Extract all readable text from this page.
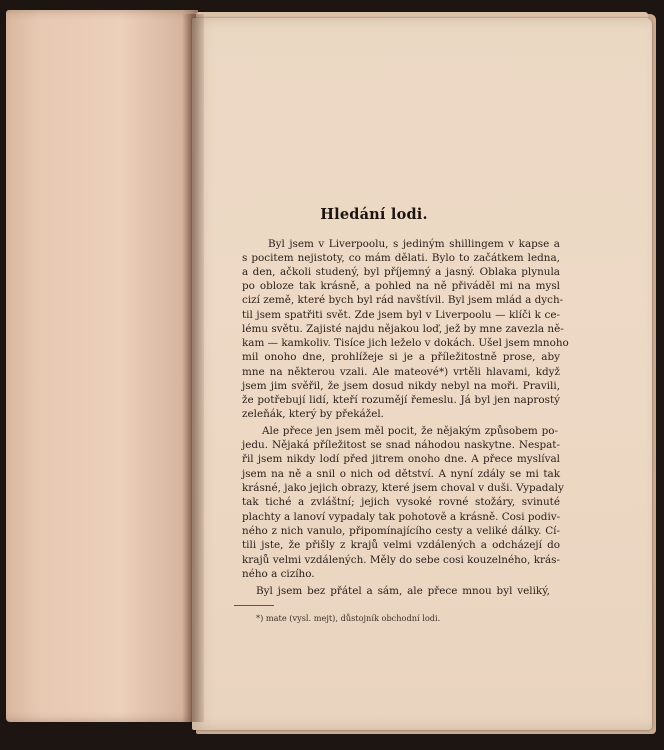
Hledání lodi.
Byl jsem v Liverpoolu, s jediným shillingem v kapse a
s pocitem nejistoty, co mám dělati. Bylo to začátkem ledna,
a den, ačkoli studený, byl příjemný a jasný. Oblaka plynula
po obloze tak krásně, a pohled na ně přiváděl mi na mysl
cizí země, které bych byl rád navštívil. Byl jsem mlád a dych-
til jsem spatřiti svět. Zde jsem byl v Liverpoolu — klíči k ce-
lému světu. Zajisté najdu nějakou loď, jež by mne zavezla ně-
kam — kamkoliv. Tisíce jich leželo v dokách. Ušel jsem mnoho
mil onoho dne, prohlížeje si je a příležitostně prose, aby
mne na některou vzali. Ale mateové*) vrtěli hlavami, když
jsem jim svěřil, že jsem dosud nikdy nebyl na moři. Pravili,
že potřebují lidí, kteří rozumějí řemeslu. Já byl jen naprostý
zeleňák, který by překážel.
Ale přece jen jsem měl pocit, že nějakým způsobem po-
jedu. Nějaká příležitost se snad náhodou naskytne. Nespat-
řil jsem nikdy lodí před jitrem onoho dne. A přece myslíval
jsem na ně a snil o nich od dětství. A nyní zdály se mi tak
krásné, jako jejich obrazy, které jsem choval v duši. Vypadaly
tak tiché a zvláštní; jejich vysoké rovné stožáry, svinuté
plachty a lanoví vypadaly tak pohotově a krásně. Cosi podiv-
ného z nich vanulo, připomínajícího cesty a veliké dálky. Cí-
tili jste, že přišly z krajů velmi vzdálených a odcházejí do
krajů velmi vzdálených. Měly do sebe cosi kouzelného, krás-
ného a cizího.
Byl jsem bez přátel a sám, ale přece mnou byl veliký,
*) mate (vysl. mejt), důstojník obchodní lodi.
